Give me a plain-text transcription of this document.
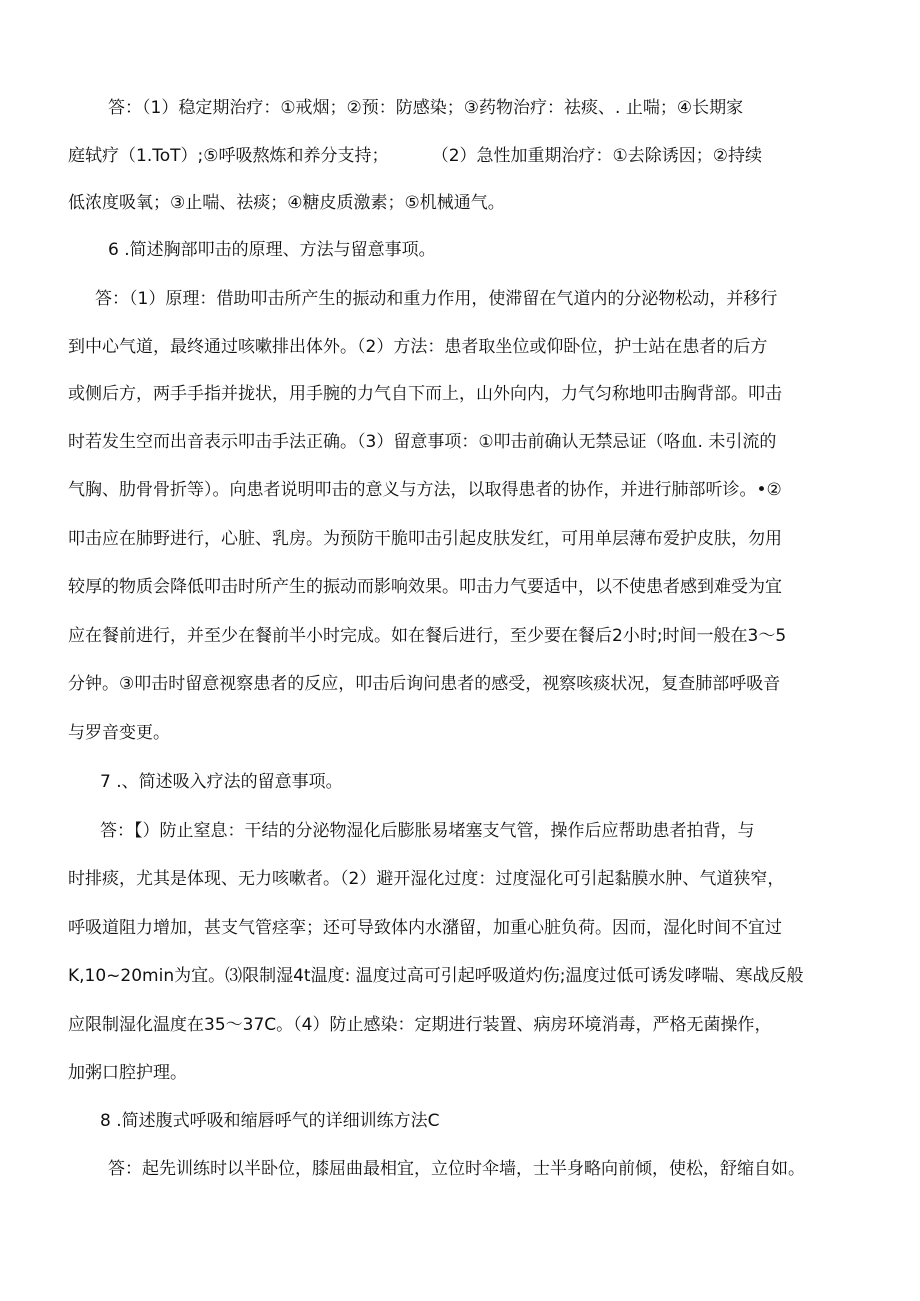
答：（1）稳定期治疗：①戒烟；②预：防感染；③药物治疗：祛痰、. 止喘；④长期家
庭轼疗（1.ToT）;⑤呼吸熬炼和养分支持；        （2）急性加重期治疗：①去除诱因；②持续
低浓度吸氧；③止喘、祛痰；④糖皮质激素；⑤机械通气。
6 .简述胸部叩击的原理、方法与留意事项。
答：（1）原理：借助叩击所产生的振动和重力作用，使滞留在气道内的分泌物松动，并移行
到中心气道，最终通过咳嗽排出体外。（2）方法：患者取坐位或仰卧位，护士站在患者的后方
或侧后方，两手手指并拢状，用手腕的力气自下而上，山外向内，力气匀称地叩击胸背部。叩击
时若发生空而出音表示叩击手法正确。（3）留意事项：①叩击前确认无禁忌证（咯血. 未引流的
气胸、肋骨骨折等）。向患者说明叩击的意义与方法，以取得患者的协作，并进行肺部听诊。•②
叩击应在肺野进行，心脏、乳房。为预防干脆叩击引起皮肤发红，可用单层薄布爱护皮肤，勿用
较厚的物质会降低叩击时所产生的振动而影响效果。叩击力气要适中，以不使患者感到难受为宜
应在餐前进行，并至少在餐前半小时完成。如在餐后进行，至少要在餐后2小时;时间一般在3〜5
分钟。③叩击时留意视察患者的反应，叩击后询问患者的感受，视察咳痰状况，复查肺部呼吸音
与罗音变更。
7 .、简述吸入疗法的留意事项。
答：【）防止窒息：干结的分泌物湿化后膨胀易堵塞支气管，操作后应帮助患者拍背，与
时排痰，尤其是体现、无力咳嗽者。（2）避开湿化过度：过度湿化可引起黏膜水肿、气道狭窄，
呼吸道阻力增加，甚支气管痉挛；还可导致体内水潴留，加重心脏负荷。因而，湿化时间不宜过
K,10~20min为宜。⑶限制湿4t温度: 温度过高可引起呼吸道灼伤;温度过低可诱发哮喘、寒战反般
应限制湿化温度在35〜37C。（4）防止感染：定期进行装置、病房环境消毒，严格无菌操作，
加粥口腔护理。
8 .简述腹式呼吸和缩唇呼气的详细训练方法C
答：起先训练时以半卧位，膝屈曲最相宜，立位时伞墙，士半身略向前倾，使松，舒缩自如。
